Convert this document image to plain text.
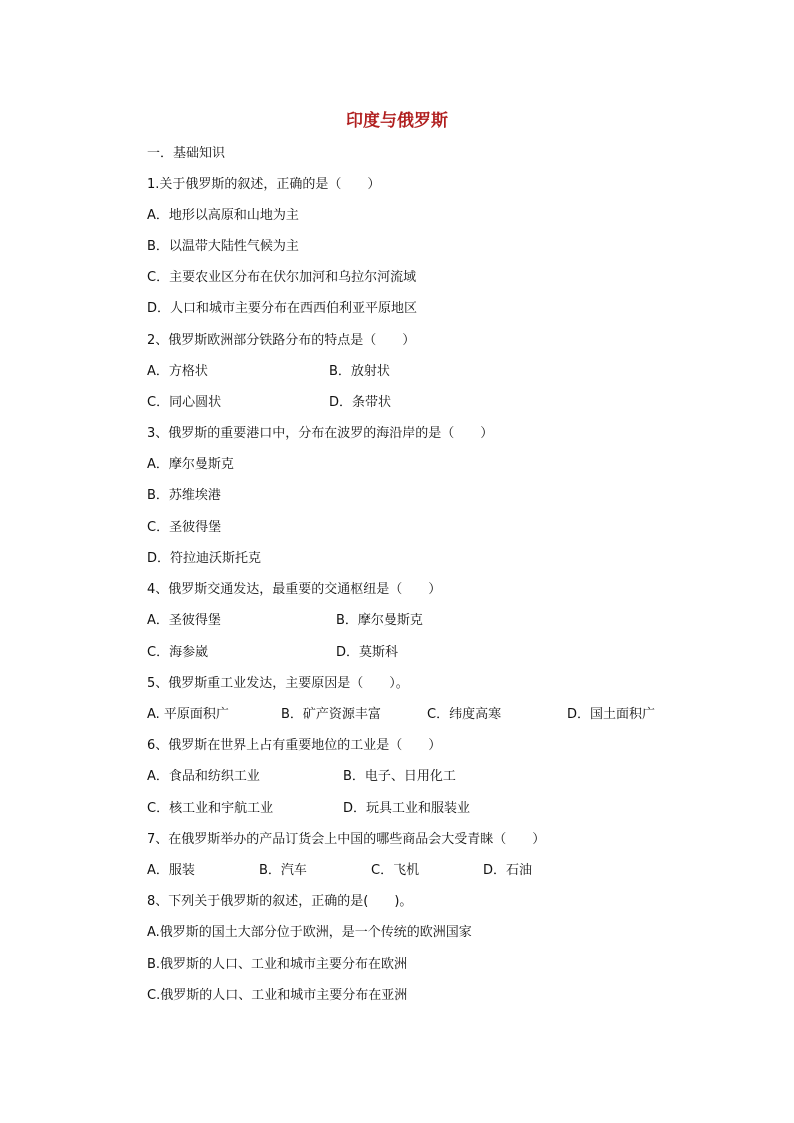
印度与俄罗斯
一．基础知识
1.关于俄罗斯的叙述，正确的是（　　）
A．地形以高原和山地为主
B．以温带大陆性气候为主
C．主要农业区分布在伏尔加河和乌拉尔河流域
D．人口和城市主要分布在西西伯利亚平原地区
2、俄罗斯欧洲部分铁路分布的特点是（　　）
A．方格状	B．放射状
C．同心圆状	D．条带状
3、俄罗斯的重要港口中，分布在波罗的海沿岸的是（　　）
A．摩尔曼斯克
B．苏维埃港
C．圣彼得堡
D．符拉迪沃斯托克
4、俄罗斯交通发达，最重要的交通枢纽是（　　）
A．圣彼得堡	B．摩尔曼斯克
C．海参崴	D．莫斯科
5、俄罗斯重工业发达，主要原因是（　　）。
A. 平原面积广	B．矿产资源丰富	C．纬度高寒	D．国土面积广
6、俄罗斯在世界上占有重要地位的工业是（　　）
A．食品和纺织工业	B．电子、日用化工
C．核工业和宇航工业	D．玩具工业和服装业
7、在俄罗斯举办的产品订货会上中国的哪些商品会大受青睐（　　）
A．服装	B．汽车	C．飞机	D．石油
8、下列关于俄罗斯的叙述，正确的是(　　)。
A.俄罗斯的国土大部分位于欧洲，是一个传统的欧洲国家
B.俄罗斯的人口、工业和城市主要分布在欧洲
C.俄罗斯的人口、工业和城市主要分布在亚洲
